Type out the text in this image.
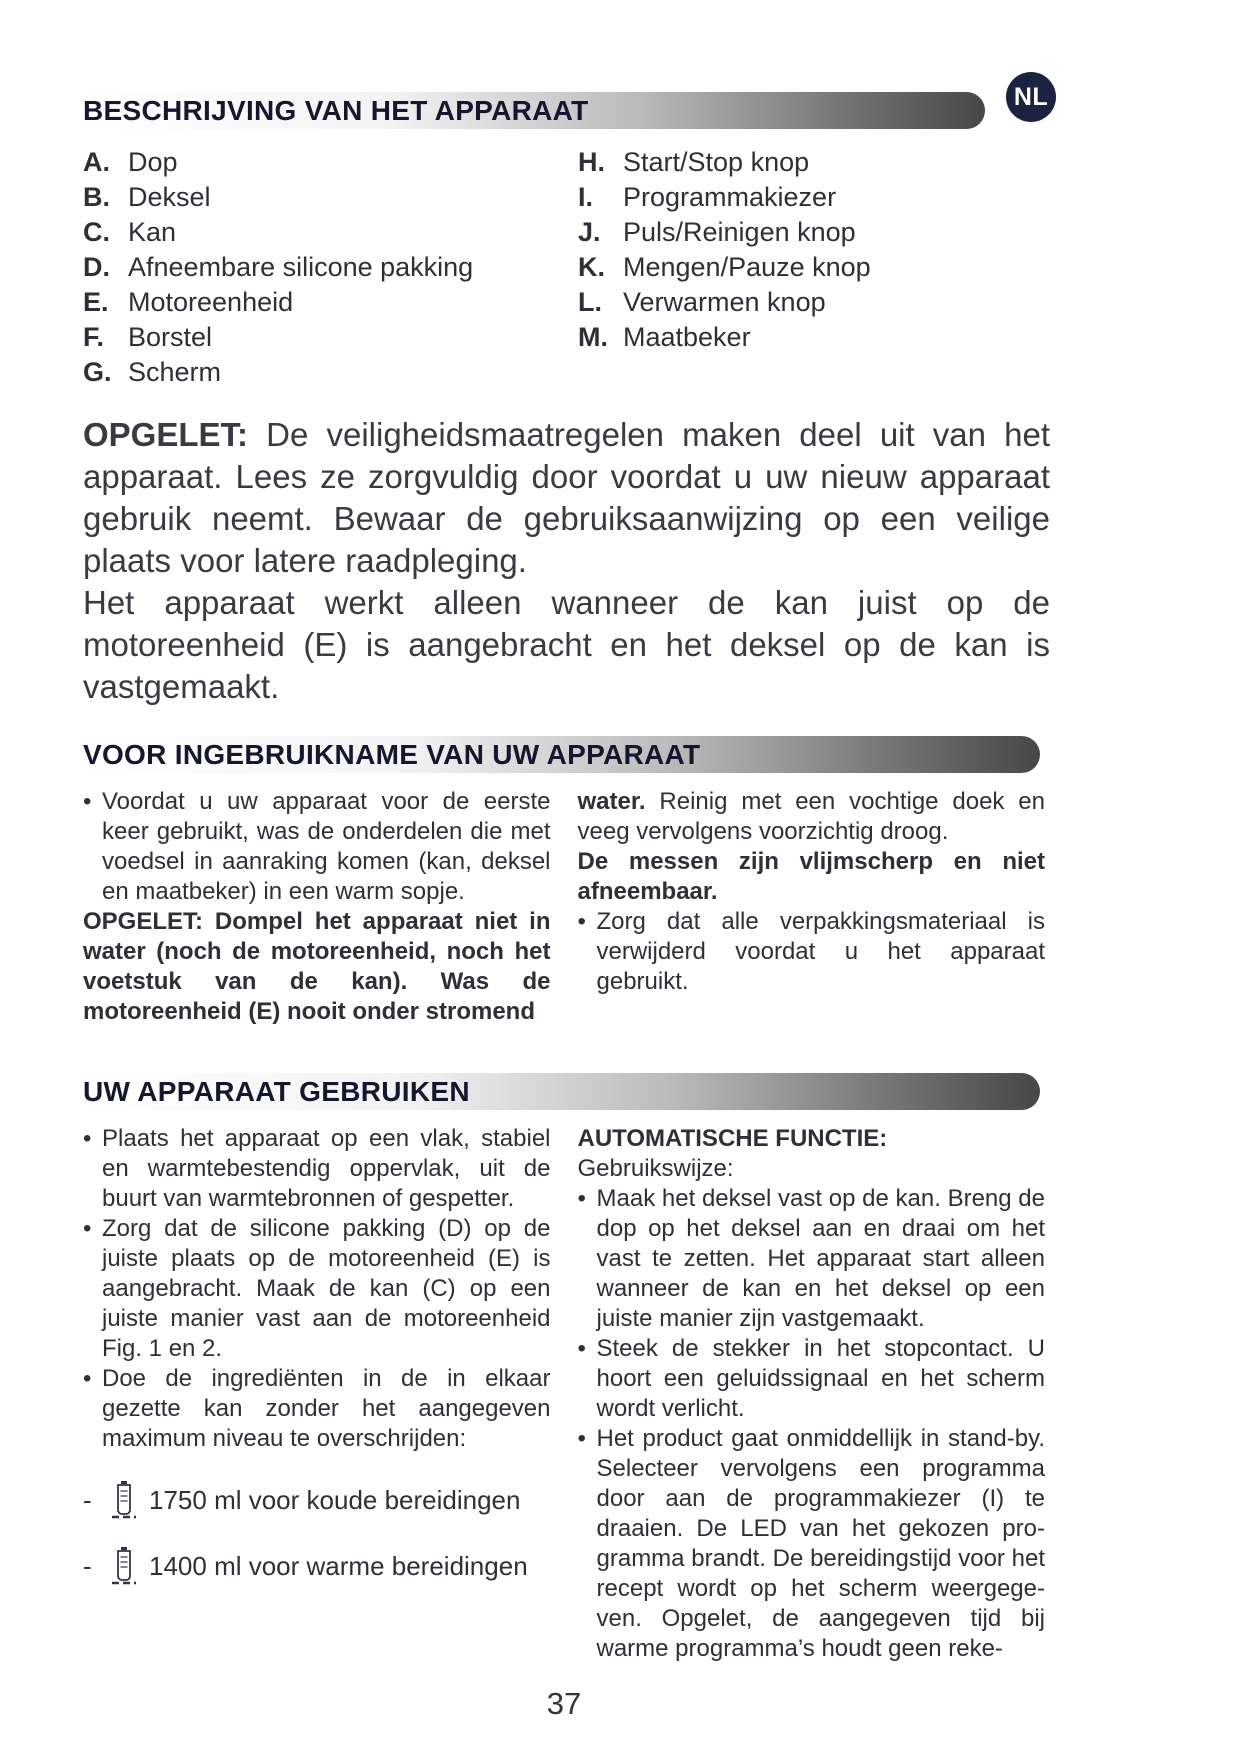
NL
BESCHRIJVING VAN HET APPARAAT
A. Dop
B. Deksel
C. Kan
D. Afneembare silicone pakking
E. Motoreenheid
F. Borstel
G. Scherm
H. Start/Stop knop
I.	Programmakiezer
J. Puls/Reinigen knop
K. Mengen/Pauze knop
L. Verwarmen knop
M. Maatbeker
OPGELET: De veiligheidsmaatregelen maken deel uit van het apparaat. Lees ze zorgvuldig door voordat u uw nieuw apparaat gebruik neemt. Bewaar de gebruiksaanwijzing op een veilige plaats voor latere raadpleging.
Het apparaat werkt alleen wanneer de kan juist op de motoreenheid (E) is aangebracht en het deksel op de kan is vastgemaakt.
VOOR INGEBRUIKNAME VAN UW APPARAAT
• Voordat u uw apparaat voor de eerste keer gebruikt, was de onderdelen die met voedsel in aanraking komen (kan, deksel en maatbeker) in een warm sopje.
OPGELET: Dompel het apparaat niet in water (noch de motoreenheid, noch het voetstuk van de kan). Was de motoreenheid (E) nooit onder stromend
water. Reinig met een vochtige doek en veeg vervolgens voorzichtig droog.
De messen zijn vlijmscherp en niet afneembaar.
• Zorg dat alle verpakkingsmateriaal is verwijderd voordat u het apparaat gebruikt.
UW APPARAAT GEBRUIKEN
• Plaats het apparaat op een vlak, stabiel en warmtebestendig oppervlak, uit de buurt van warmtebronnen of gespetter.
• Zorg dat de silicone pakking (D) op de juiste plaats op de motoreenheid (E) is aangebracht. Maak de kan (C) op een juiste manier vast aan de motoreenheid Fig. 1 en 2.
• Doe de ingrediënten in de in elkaar gezette kan zonder het aangegeven maximum niveau te overschrijden:
- 1750 ml voor koude bereidingen
- 1400 ml voor warme bereidingen
AUTOMATISCHE FUNCTIE:
Gebruikswijze:
• Maak het deksel vast op de kan. Breng de dop op het deksel aan en draai om het vast te zetten. Het apparaat start alleen wanneer de kan en het deksel op een juiste manier zijn vastgemaakt.
• Steek de stekker in het stopcontact. U hoort een geluidssignaal en het scherm wordt verlicht.
• Het product gaat onmiddellijk in stand-by. Selecteer vervolgens een programma door aan de programmakiezer (I) te draaien. De LED van het gekozen pro-gramma brandt. De bereidingstijd voor het recept wordt op het scherm weergege-ven. Opgelet, de aangegeven tijd bij warme programma’s houdt geen reke-
37
